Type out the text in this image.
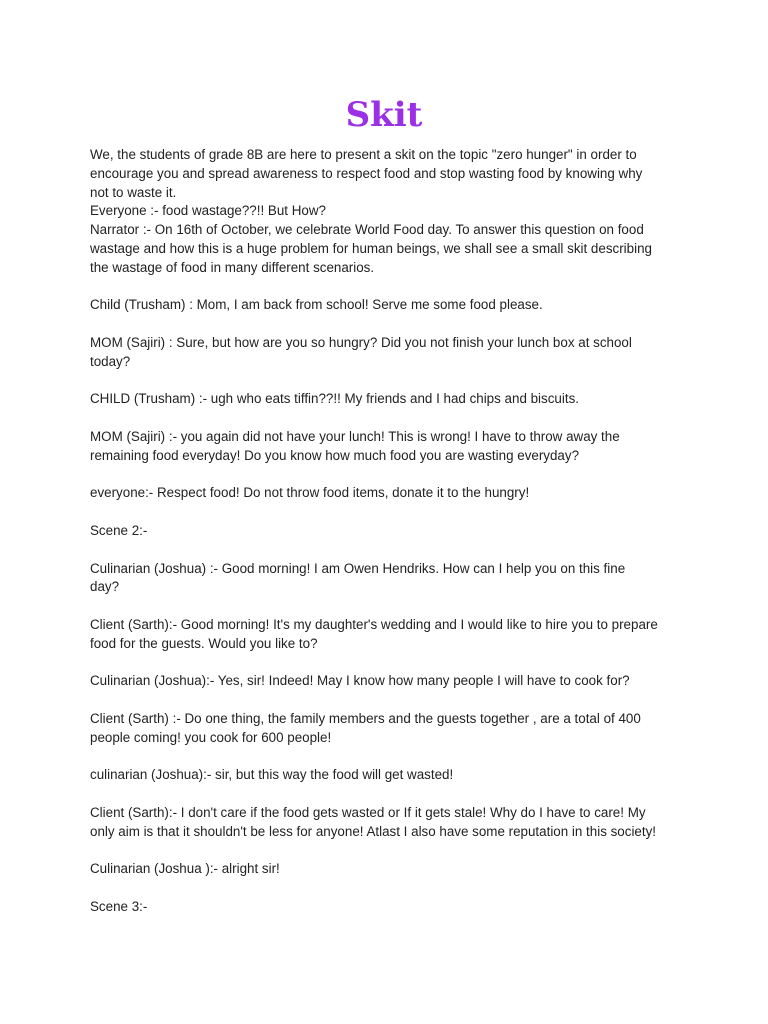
Skit

We, the students of grade 8B are here to present a skit on the topic "zero hunger" in order to
encourage you and spread awareness to respect food and stop wasting food by knowing why
not to waste it.

Everyone :- food wastage??!! But How?

Narrator :- On 16th of October, we celebrate World Food day. To answer this question on food
wastage and how this is a huge problem for human beings, we shall see a small skit describing
the wastage of food in many different scenarios.

Child (Trusham) : Mom, I am back from school! Serve me some food please.

MOM (Sajiri) : Sure, but how are you so hungry? Did you not finish your lunch box at school
today?

CHILD (Trusham) :- ugh who eats tiffin??!! My friends and I had chips and biscuits.

MOM (Sajiri) :- you again did not have your lunch! This is wrong! I have to throw away the
remaining food everyday! Do you know how much food you are wasting everyday?

everyone:- Respect food! Do not throw food items, donate it to the hungry!

Scene 2:-

Culinarian (Joshua) :- Good morning! I am Owen Hendriks. How can I help you on this fine
day?

Client (Sarth):- Good morning! It's my daughter's wedding and I would like to hire you to prepare
food for the guests. Would you like to?

Culinarian (Joshua):- Yes, sir! Indeed! May I know how many people I will have to cook for?

Client (Sarth) :- Do one thing, the family members and the guests together , are a total of 400
people coming! you cook for 600 people!

culinarian (Joshua):- sir, but this way the food will get wasted!

Client (Sarth):- I don't care if the food gets wasted or If it gets stale! Why do I have to care! My
only aim is that it shouldn't be less for anyone! Atlast I also have some reputation in this society!

Culinarian (Joshua ):- alright sir!

Scene 3:-
